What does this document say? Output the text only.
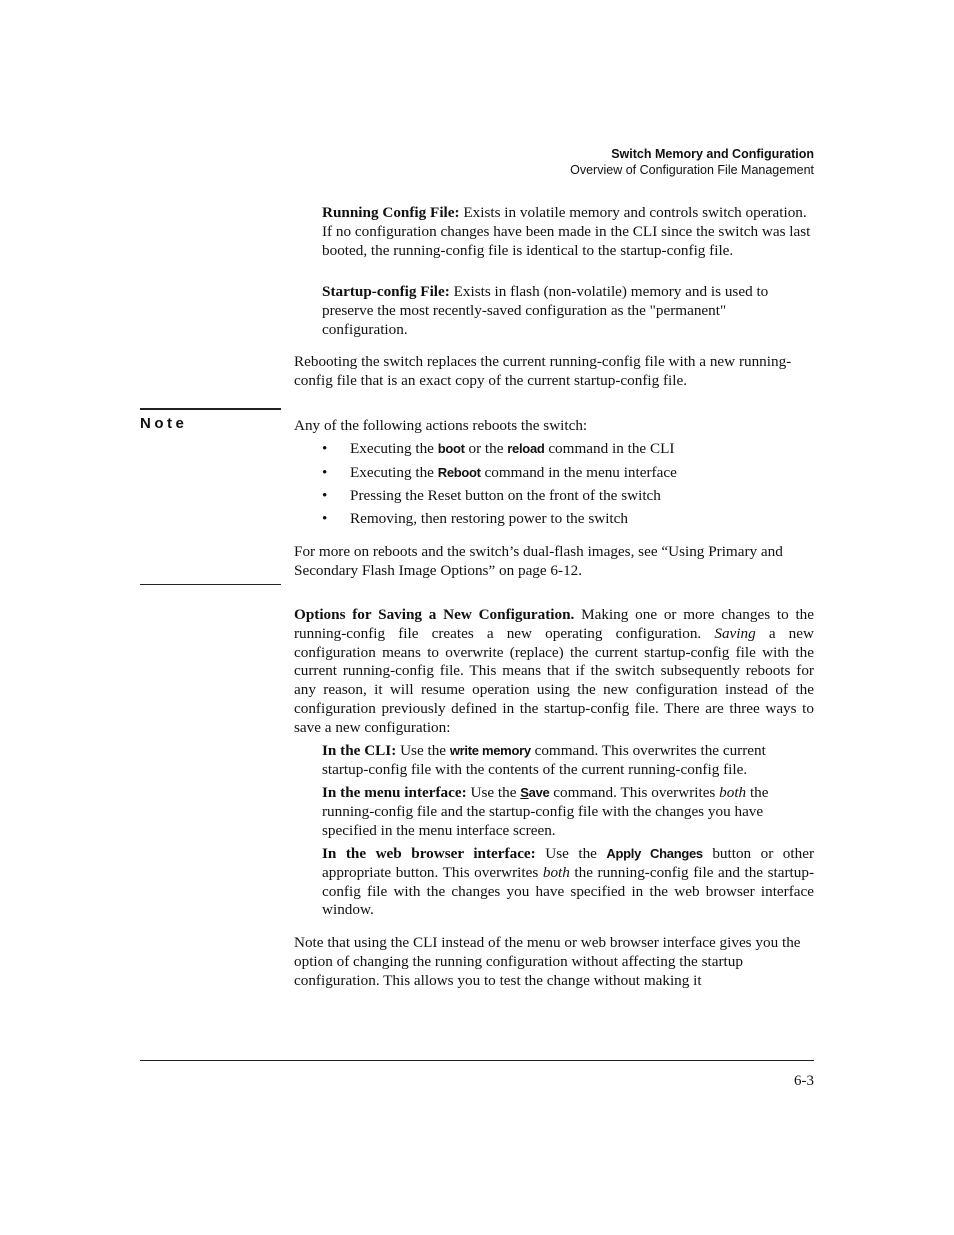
Switch Memory and Configuration
Overview of Configuration File Management

Running Config File: Exists in volatile memory and controls switch operation. If no configuration changes have been made in the CLI since the switch was last booted, the running-config file is identical to the startup-config file.

Startup-config File: Exists in flash (non-volatile) memory and is used to preserve the most recently-saved configuration as the "permanent" configuration.

Rebooting the switch replaces the current running-config file with a new running-config file that is an exact copy of the current startup-config file.

Note	Any of the following actions reboots the switch:

• Executing the boot or the reload command in the CLI
• Executing the Reboot command in the menu interface
• Pressing the Reset button on the front of the switch
• Removing, then restoring power to the switch

For more on reboots and the switch’s dual-flash images, see “Using Primary and Secondary Flash Image Options” on page 6-12.

Options for Saving a New Configuration. Making one or more changes to the running-config file creates a new operating configuration. Saving a new configuration means to overwrite (replace) the current startup-config file with the current running-config file. This means that if the switch subsequently reboots for any reason, it will resume operation using the new configuration instead of the configuration previously defined in the startup-config file. There are three ways to save a new configuration:

In the CLI: Use the write memory command. This overwrites the current startup-config file with the contents of the current running-config file.

In the menu interface: Use the Save command. This overwrites both the running-config file and the startup-config file with the changes you have specified in the menu interface screen.

In the web browser interface: Use the Apply Changes button or other appropriate button. This overwrites both the running-config file and the startup-config file with the changes you have specified in the web browser interface window.

Note that using the CLI instead of the menu or web browser interface gives you the option of changing the running configuration without affecting the startup configuration. This allows you to test the change without making it

6-3
